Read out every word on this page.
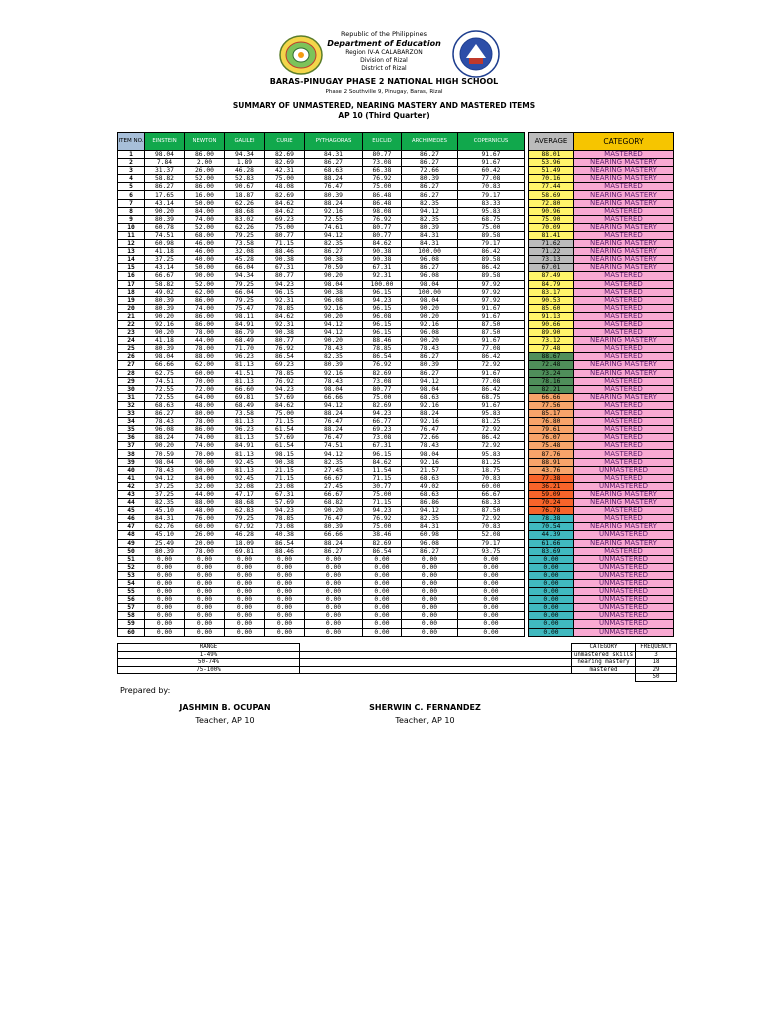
Republic of the Philippines
Department of Education
Region IV-A CALABARZON
Division of Rizal
District of Rizal
BARAS-PINUGAY PHASE 2 NATIONAL HIGH SCHOOL
Phase 2 Southville 9, Pinugay, Baras, Rizal
SUMMARY OF UNMASTERED, NEARING MASTERY AND MASTERED ITEMS
AP 10 (Third Quarter)
ITEM NO.	EINSTEIN	NEWTON	GALILEI	CURIE	PYTHAGORAS	EUCLID	ARCHIMEDES	COPERNICUS		AVERAGE	CATEGORY
1	98.04	86.00	94.34	82.69	84.31	80.77	86.27	91.67		88.01	MASTERED
2	7.84	2.00	1.89	82.69	86.27	73.08	86.27	91.67		53.96	NEARING MASTERY
3	31.37	26.00	46.28	42.31	68.63	66.38	72.66	60.42		51.49	NEARING MASTERY
4	58.82	52.00	52.83	75.00	88.24	76.92	80.39	77.08		70.16	NEARING MASTERY
5	86.27	86.00	90.67	48.08	76.47	75.00	86.27	70.83		77.44	MASTERED
6	17.65	16.00	18.87	82.69	80.39	86.48	86.27	79.17		58.69	NEARING MASTERY
7	43.14	50.00	62.26	84.62	88.24	86.48	82.35	83.33		72.80	NEARING MASTERY
8	90.20	84.00	88.68	84.62	92.16	98.08	94.12	95.83		90.96	MASTERED
9	80.39	74.00	83.02	69.23	72.55	76.92	82.35	68.75		75.90	MASTERED
10	60.78	52.00	62.26	75.00	74.61	80.77	80.39	75.00		70.09	NEARING MASTERY
11	74.51	68.00	79.25	80.77	94.12	80.77	84.31	89.58		81.41	MASTERED
12	60.98	46.00	73.58	71.15	82.35	84.62	84.31	79.17		71.62	NEARING MASTERY
13	41.18	46.00	32.08	88.46	86.27	90.38	100.00	86.42		71.22	NEARING MASTERY
14	37.25	40.00	45.28	90.38	90.38	90.38	96.08	89.58		73.13	NEARING MASTERY
15	43.14	50.00	66.04	67.31	70.59	67.31	86.27	86.42		67.01	NEARING MASTERY
16	66.67	90.00	94.34	80.77	90.20	92.31	96.08	89.58		87.49	MASTERED
17	58.82	52.00	79.25	94.23	98.04	100.00	98.04	97.92		84.79	MASTERED
18	49.02	62.00	66.04	96.15	90.38	96.15	100.00	97.92		83.17	MASTERED
19	80.39	86.00	79.25	92.31	96.08	94.23	98.04	97.92		90.53	MASTERED
20	80.39	74.00	75.47	78.85	92.16	96.15	90.20	91.67		85.60	MASTERED
21	90.20	86.00	98.11	84.62	90.20	96.08	90.20	91.67		91.13	MASTERED
22	92.16	86.00	84.91	92.31	94.12	96.15	92.16	87.50		90.66	MASTERED
23	90.20	78.00	86.79	90.38	94.12	96.15	96.08	87.50		89.90	MASTERED
24	41.18	44.00	68.49	80.77	90.20	88.46	90.20	91.67		73.12	NEARING MASTERY
25	80.39	78.00	71.70	76.92	78.43	78.85	78.43	77.08		77.48	MASTERED
26	98.04	88.00	96.23	86.54	82.35	86.54	86.27	86.42		88.67	MASTERED
27	66.66	62.00	81.13	69.23	80.39	76.92	80.39	72.92		72.48	NEARING MASTERY
28	62.75	60.00	41.51	78.85	92.16	82.69	86.27	91.67		73.24	NEARING MASTERY
29	74.51	70.00	81.13	76.92	78.43	73.08	94.12	77.08		78.16	MASTERED
30	72.55	72.00	66.60	94.23	98.04	80.77	98.04	86.42		82.21	MASTERED
31	72.55	64.00	69.81	57.69	66.66	75.00	68.63	68.75		66.66	NEARING MASTERY
32	68.63	48.00	68.49	84.62	94.12	82.69	92.16	91.67		77.56	MASTERED
33	86.27	80.00	73.58	75.00	88.24	94.23	88.24	95.83		85.17	MASTERED
34	78.43	78.00	81.13	71.15	76.47	66.77	92.16	81.25		76.80	MASTERED
35	96.08	86.00	96.23	61.54	88.24	69.23	76.47	72.92		79.61	MASTERED
36	88.24	74.00	81.13	57.69	76.47	73.08	72.66	86.42		76.07	MASTERED
37	90.20	74.00	84.91	61.54	74.51	67.31	78.43	72.92		75.48	MASTERED
38	70.59	70.00	81.13	98.15	94.12	96.15	98.04	95.83		87.76	MASTERED
39	98.04	90.00	92.45	90.38	82.35	84.62	92.16	81.25		88.91	MASTERED
40	78.43	90.00	81.13	21.15	27.45	11.54	21.57	18.75		43.76	UNMASTERED
41	94.12	84.00	92.45	71.15	66.67	71.15	68.63	70.83		77.38	MASTERED
42	37.25	32.00	32.08	23.08	27.45	30.77	49.02	60.00		36.21	UNMASTERED
43	37.25	44.00	47.17	67.31	66.67	75.00	68.63	66.67		59.09	NEARING MASTERY
44	82.35	88.00	88.68	57.69	68.82	71.15	86.86	68.33		70.24	NEARING MASTERY
45	45.10	48.00	62.83	94.23	90.20	94.23	94.12	87.50		76.78	MASTERED
46	84.31	76.00	79.25	78.85	76.47	76.92	82.35	72.92		78.38	MASTERED
47	62.76	60.00	67.92	73.08	80.39	75.00	84.31	70.83		70.54	NEARING MASTERY
48	45.10	26.00	46.28	40.38	66.66	38.46	60.98	52.08		44.39	UNMASTERED
49	25.49	20.00	18.09	86.54	88.24	82.69	96.08	79.17		61.66	NEARING MASTERY
50	80.39	78.00	69.81	88.46	86.27	86.54	86.27	93.75		83.69	MASTERED
51	0.00	0.00	0.00	0.00	0.00	0.00	0.00	0.00		0.00	UNMASTERED
52	0.00	0.00	0.00	0.00	0.00	0.00	0.00	0.00		0.00	UNMASTERED
53	0.00	0.00	0.00	0.00	0.00	0.00	0.00	0.00		0.00	UNMASTERED
54	0.00	0.00	0.00	0.00	0.00	0.00	0.00	0.00		0.00	UNMASTERED
55	0.00	0.00	0.00	0.00	0.00	0.00	0.00	0.00		0.00	UNMASTERED
56	0.00	0.00	0.00	0.00	0.00	0.00	0.00	0.00		0.00	UNMASTERED
57	0.00	0.00	0.00	0.00	0.00	0.00	0.00	0.00		0.00	UNMASTERED
58	0.00	0.00	0.00	0.00	0.00	0.00	0.00	0.00		0.00	UNMASTERED
59	0.00	0.00	0.00	0.00	0.00	0.00	0.00	0.00		0.00	UNMASTERED
60	0.00	0.00	0.00	0.00	0.00	0.00	0.00	0.00		0.00	UNMASTERED
RANGE		CATEGORY	FREQUENCY
1-49%		unmastered skills	3
50-74%		nearing mastery	18
75-100%		mastered	29
			50
Prepared by:
JASHMIN B. OCUPAN
Teacher, AP 10
SHERWIN C. FERNANDEZ
Teacher, AP 10
